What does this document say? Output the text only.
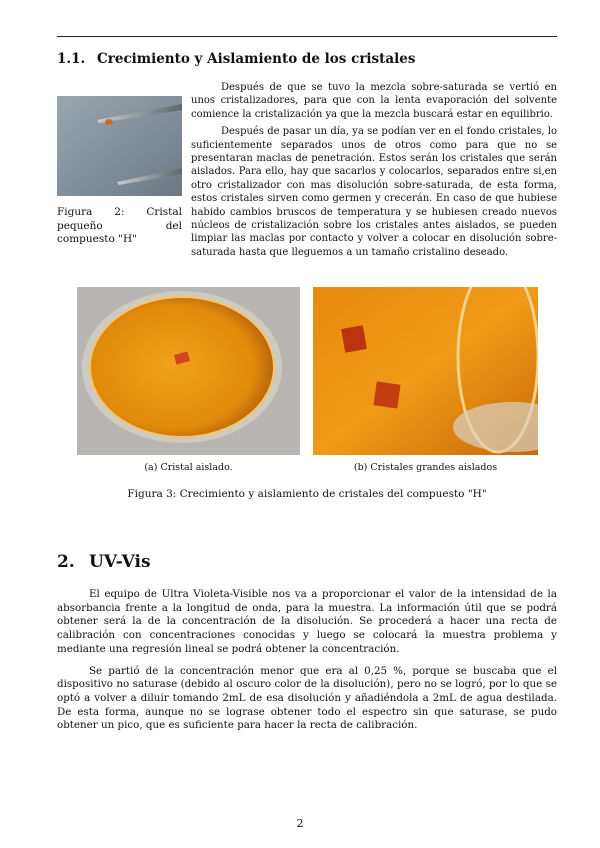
1.1. Crecimiento y Aislamiento de los cristales
Figura 2: Cristal pequeño del compuesto "H"

Después de que se tuvo la mezcla sobre-saturada se vertió en unos cristalizadores, para que con la lenta evaporación del solvente comience la cristalización ya que la mezcla buscará estar en equilibrio.

Después de pasar un día, ya se podían ver en el fondo cristales, lo suficientemente separados unos de otros como para que no se presentaran maclas de penetración. Estos serán los cristales que serán aislados. Para ello, hay que sacarlos y colocarlos, separados entre si,en otro cristalizador con mas disolución sobre-saturada, de esta forma, estos cristales sirven como germen y crecerán. En caso de que hubiese habido cambios bruscos de temperatura y se hubiesen creado nuevos núcleos de cristalización sobre los cristales antes aislados, se pueden limpiar las maclas por contacto y volver a colocar en disolución sobre-saturada hasta que lleguemos a un tamaño cristalino deseado.

(a) Cristal aislado.	(b) Cristales grandes aislados
Figura 3: Crecimiento y aislamiento de cristales del compuesto "H"
2. UV-Vis

El equipo de Ultra Violeta-Visible nos va a proporcionar el valor de la intensidad de la absorbancia frente a la longitud de onda, para la muestra. La información útil que se podrá obtener será la de la concentración de la disolución. Se procederá a hacer una recta de calibración con concentraciones conocidas y luego se colocará la muestra problema y mediante una regresión lineal se podrá obtener la concentración.

Se partió de la concentración menor que era al 0,25 %, porque se buscaba que el dispositivo no saturase (debido al oscuro color de la disolución), pero no se logró, por lo que se optó a volver a diluir tomando 2mL de esa disolución y añadiéndola a 2mL de agua destilada. De esta forma, aunque no se lograse obtener todo el espectro sin que saturase, se pudo obtener un pico, que es suficiente para hacer la recta de calibración.

2
